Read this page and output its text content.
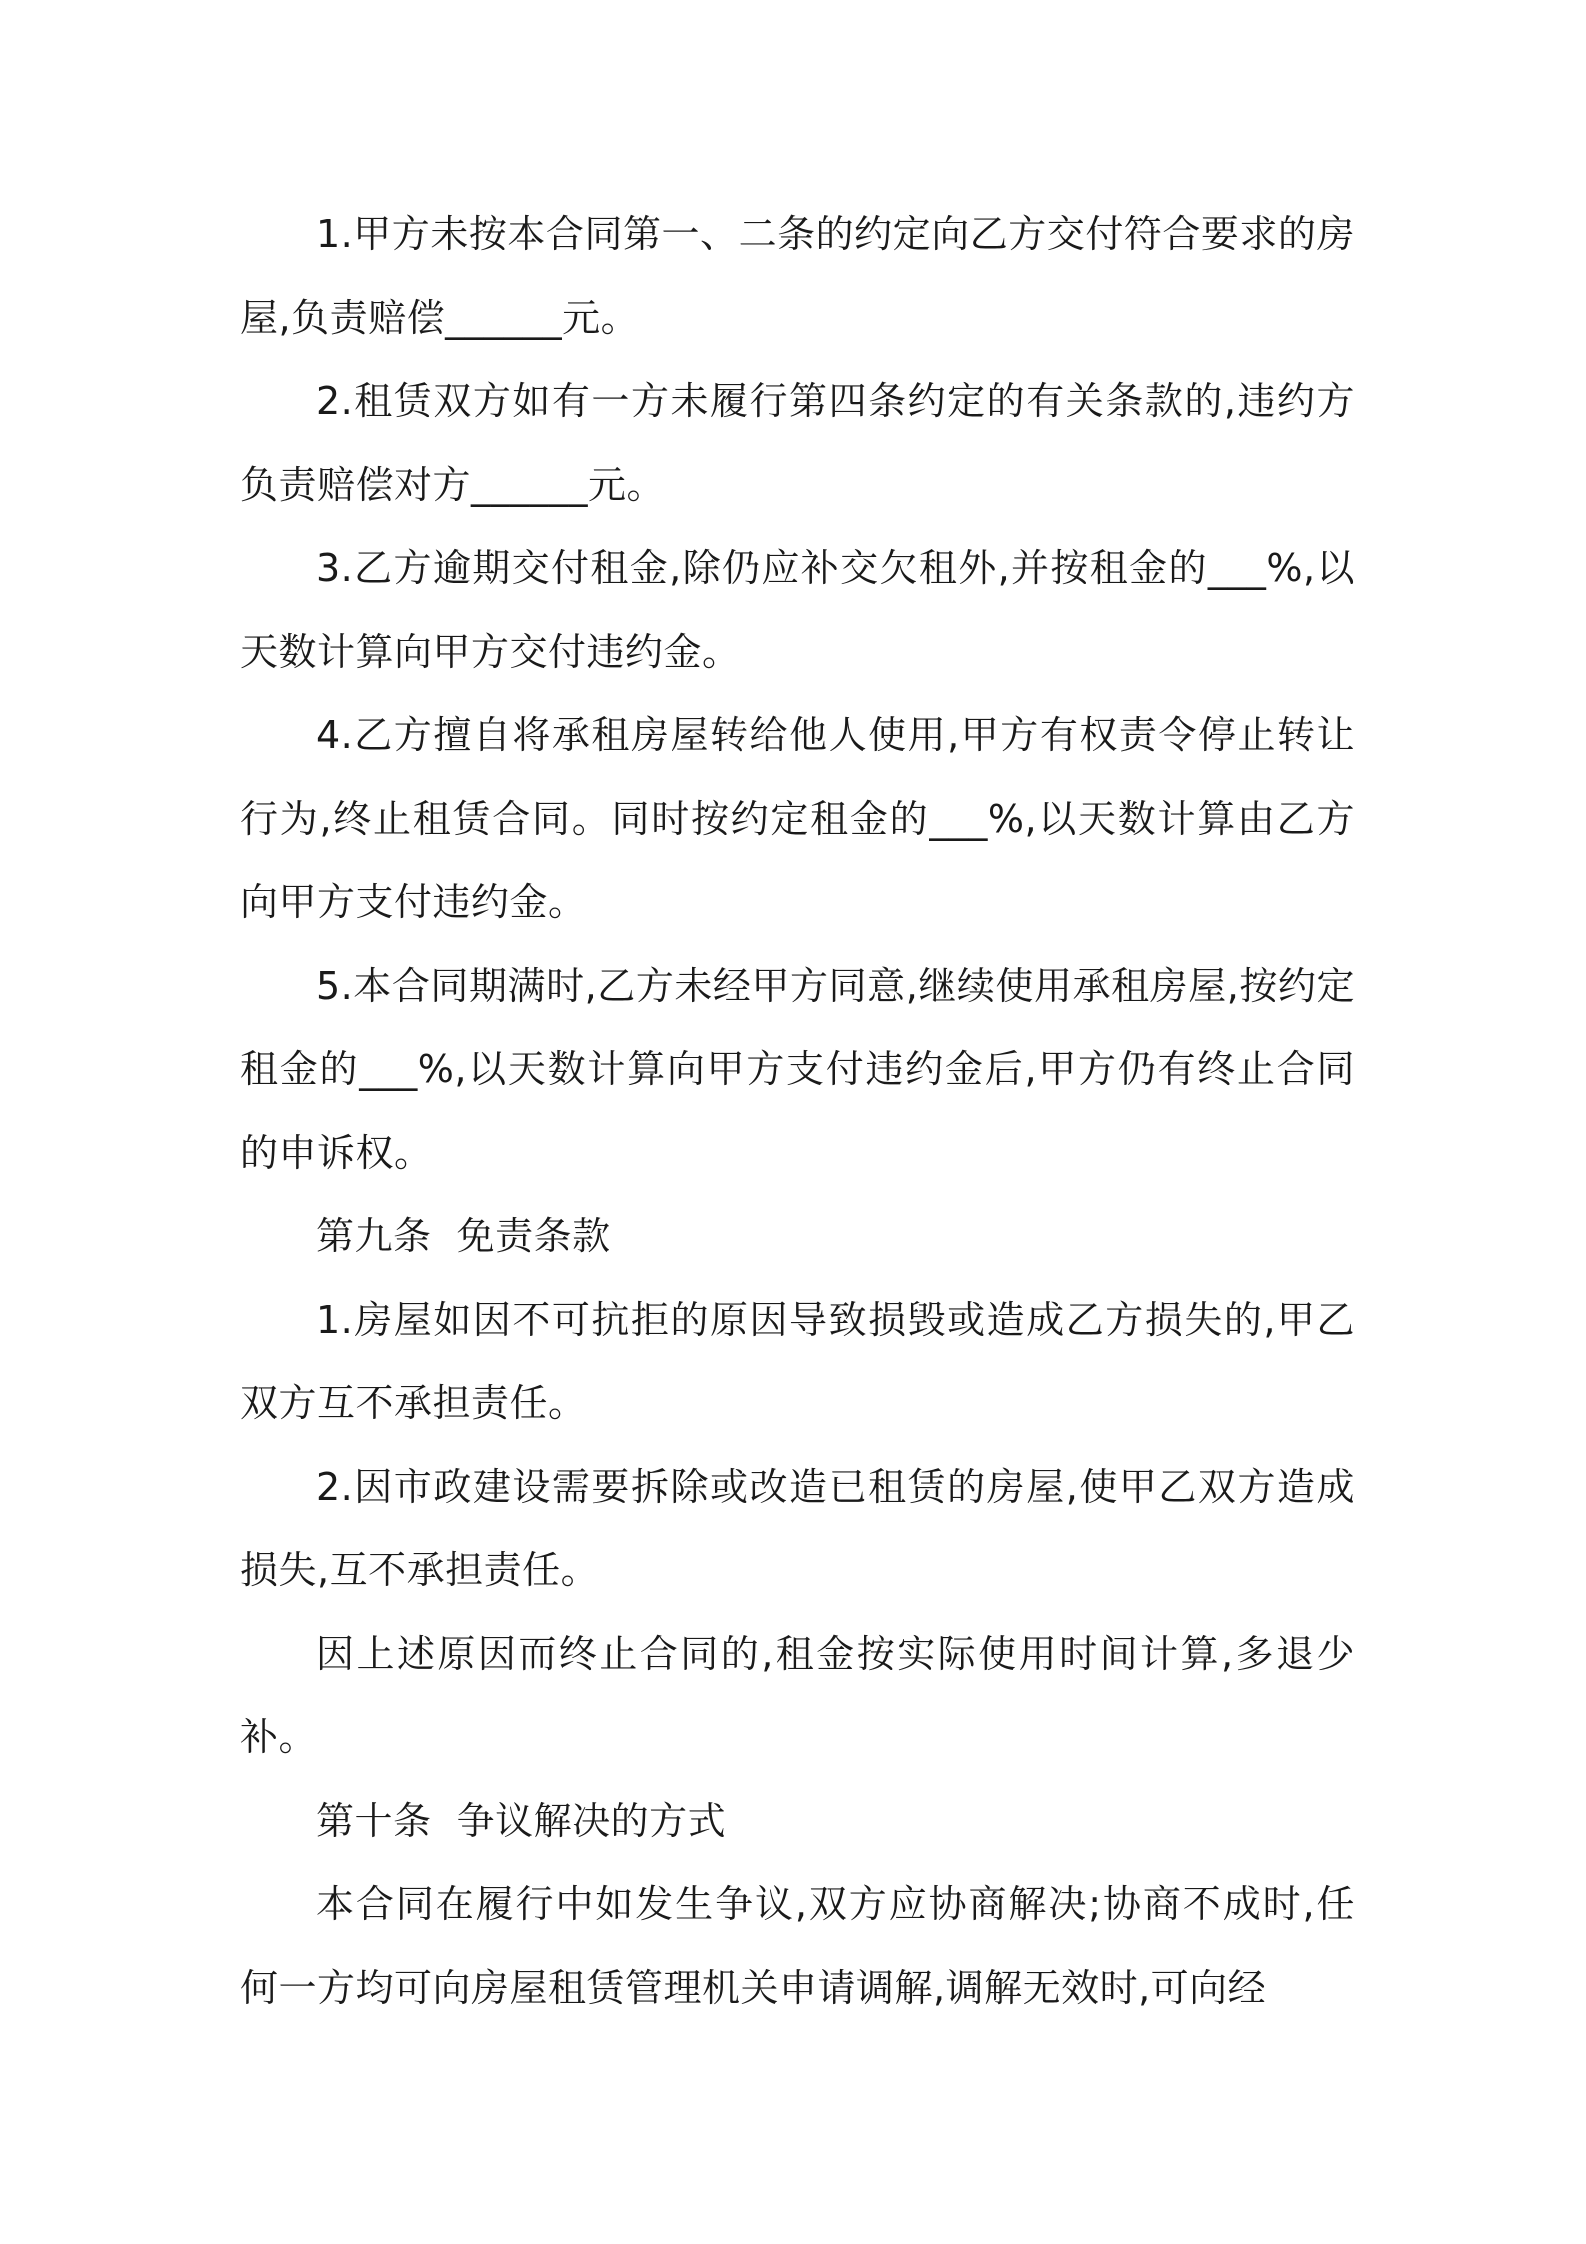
1.甲方未按本合同第一、二条的约定向乙方交付符合要求的房屋,负责赔偿______元。

2.租赁双方如有一方未履行第四条约定的有关条款的,违约方负责赔偿对方______元。

3.乙方逾期交付租金,除仍应补交欠租外,并按租金的___%,以天数计算向甲方交付违约金。

4.乙方擅自将承租房屋转给他人使用,甲方有权责令停止转让行为,终止租赁合同。同时按约定租金的___%,以天数计算由乙方向甲方支付违约金。

5.本合同期满时,乙方未经甲方同意,继续使用承租房屋,按约定租金的___%,以天数计算向甲方支付违约金后,甲方仍有终止合同的申诉权。

第九条  免责条款

1.房屋如因不可抗拒的原因导致损毁或造成乙方损失的,甲乙双方互不承担责任。

2.因市政建设需要拆除或改造已租赁的房屋,使甲乙双方造成损失,互不承担责任。

因上述原因而终止合同的,租金按实际使用时间计算,多退少补。

第十条  争议解决的方式

本合同在履行中如发生争议,双方应协商解决;协商不成时,任何一方均可向房屋租赁管理机关申请调解,调解无效时,可向经
